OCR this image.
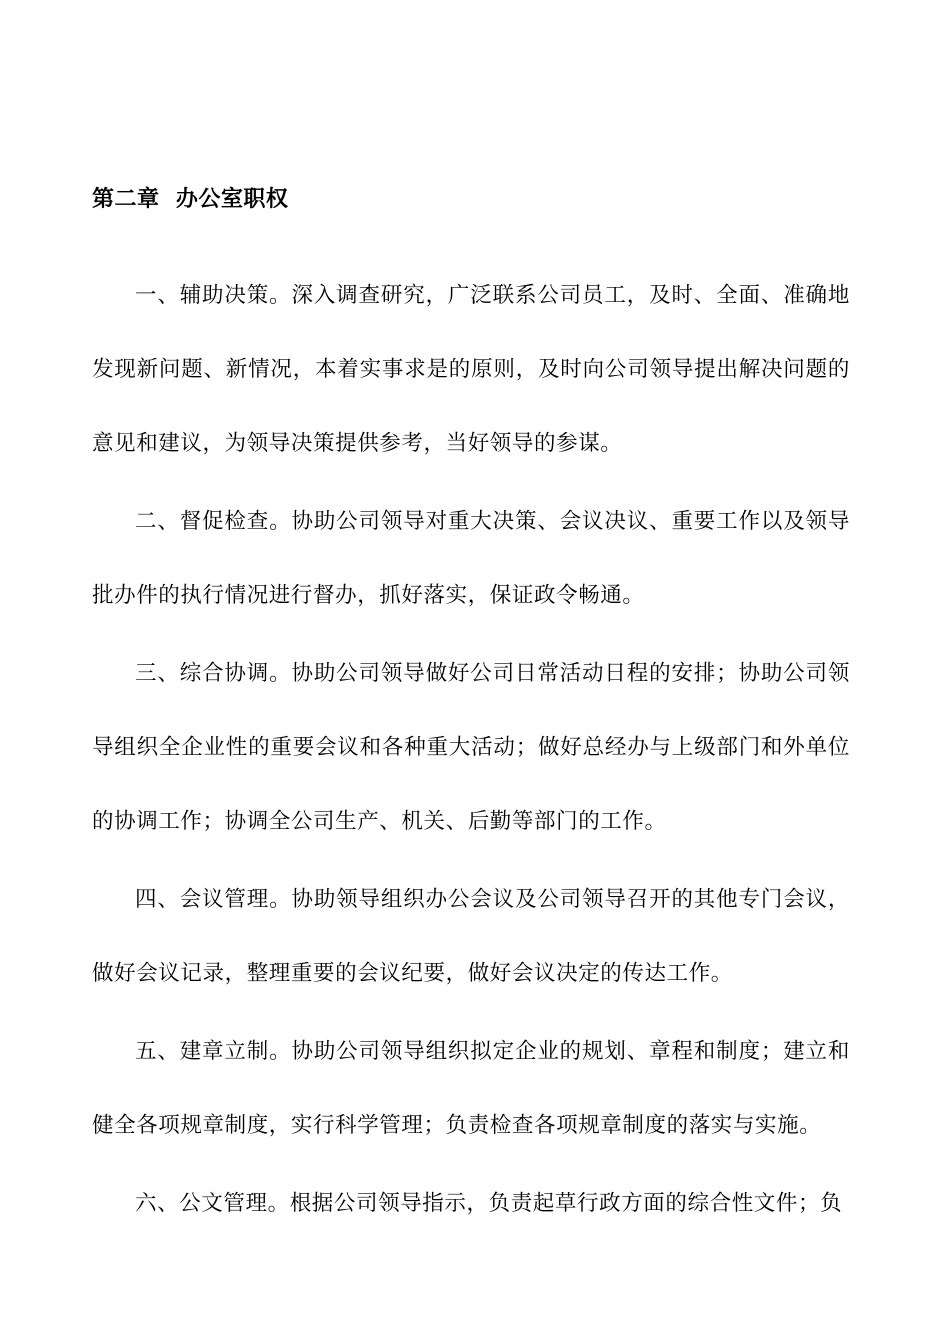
第二章  办公室职权

一、辅助决策。深入调查研究，广泛联系公司员工，及时、全面、准确地发现新问题、新情况，本着实事求是的原则，及时向公司领导提出解决问题的意见和建议，为领导决策提供参考，当好领导的参谋。

二、督促检查。协助公司领导对重大决策、会议决议、重要工作以及领导批办件的执行情况进行督办，抓好落实，保证政令畅通。

三、综合协调。协助公司领导做好公司日常活动日程的安排；协助公司领导组织全企业性的重要会议和各种重大活动；做好总经办与上级部门和外单位的协调工作；协调全公司生产、机关、后勤等部门的工作。

四、会议管理。协助领导组织办公会议及公司领导召开的其他专门会议，做好会议记录，整理重要的会议纪要，做好会议决定的传达工作。

五、建章立制。协助公司领导组织拟定企业的规划、章程和制度；建立和健全各项规章制度，实行科学管理；负责检查各项规章制度的落实与实施。

六、公文管理。根据公司领导指示，负责起草行政方面的综合性文件；负
